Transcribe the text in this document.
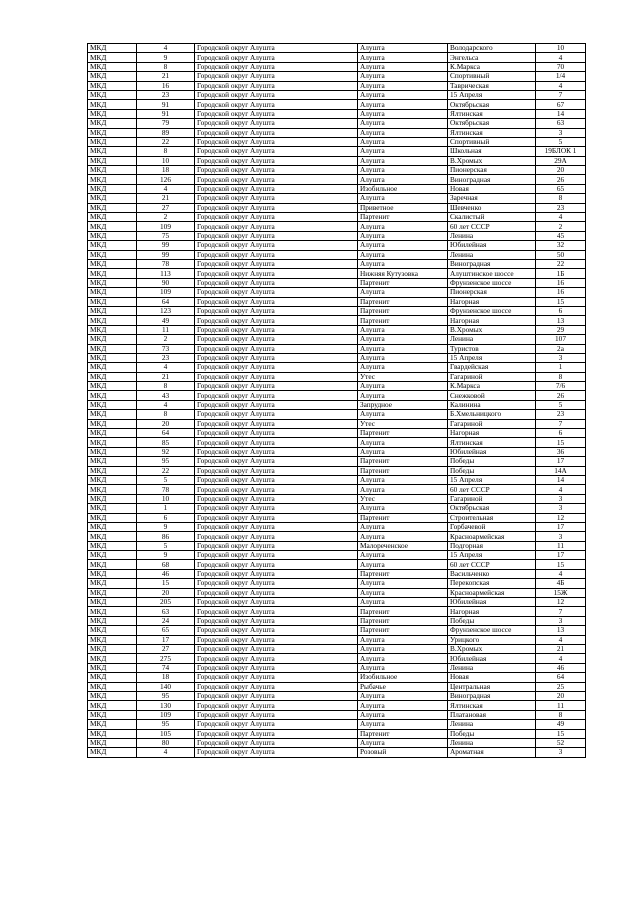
МКД	4	Городской округ Алушта	Алушта	Володарского	10
МКД	9	Городской округ Алушта	Алушта	Энгельса	4
МКД	8	Городской округ Алушта	Алушта	К.Маркса	70
МКД	21	Городской округ Алушта	Алушта	Спортивный	1/4
МКД	16	Городской округ Алушта	Алушта	Таврическая	4
МКД	23	Городской округ Алушта	Алушта	15 Апреля	7
МКД	91	Городской округ Алушта	Алушта	Октябрьская	67
МКД	91	Городской округ Алушта	Алушта	Ялтинская	14
МКД	79	Городской округ Алушта	Алушта	Октябрьская	63
МКД	89	Городской округ Алушта	Алушта	Ялтинская	3
МКД	22	Городской округ Алушта	Алушта	Спортивный	5
МКД	8	Городской округ Алушта	Алушта	Школьная	19БЛОК 1
МКД	10	Городской округ Алушта	Алушта	В.Хромых	29А
МКД	18	Городской округ Алушта	Алушта	Пионерская	20
МКД	126	Городской округ Алушта	Алушта	Виноградная	26
МКД	4	Городской округ Алушта	Изобильное	Новая	65
МКД	21	Городской округ Алушта	Алушта	Заречная	8
МКД	27	Городской округ Алушта	Приветное	Шевченко	23
МКД	2	Городской округ Алушта	Партенит	Скалистый	4
МКД	109	Городской округ Алушта	Алушта	60 лет СССР	2
МКД	75	Городской округ Алушта	Алушта	Ленина	45
МКД	99	Городской округ Алушта	Алушта	Юбилейная	32
МКД	99	Городской округ Алушта	Алушта	Ленина	50
МКД	78	Городской округ Алушта	Алушта	Виноградная	22
МКД	113	Городской округ Алушта	Нижняя Кутузовка	Алуштинское шоссе	1Б
МКД	90	Городской округ Алушта	Партенит	Фрунзенское шоссе	16
МКД	109	Городской округ Алушта	Алушта	Пионерская	16
МКД	64	Городской округ Алушта	Партенит	Нагорная	15
МКД	123	Городской округ Алушта	Партенит	Фрунзенское шоссе	6
МКД	49	Городской округ Алушта	Партенит	Нагорная	13
МКД	11	Городской округ Алушта	Алушта	В.Хромых	29
МКД	2	Городской округ Алушта	Алушта	Ленина	107
МКД	73	Городской округ Алушта	Алушта	Туристов	2а
МКД	23	Городской округ Алушта	Алушта	15 Апреля	3
МКД	4	Городской округ Алушта	Алушта	Гвардейская	1
МКД	21	Городской округ Алушта	Утес	Гагариной	8
МКД	8	Городской округ Алушта	Алушта	К.Маркса	7/6
МКД	43	Городской округ Алушта	Алушта	Снежковой	26
МКД	4	Городской округ Алушта	Запрудное	Калинина	5
МКД	8	Городской округ Алушта	Алушта	Б.Хмельницкого	23
МКД	20	Городской округ Алушта	Утес	Гагариной	7
МКД	64	Городской округ Алушта	Партенит	Нагорная	6
МКД	85	Городской округ Алушта	Алушта	Ялтинская	15
МКД	92	Городской округ Алушта	Алушта	Юбилейная	36
МКД	95	Городской округ Алушта	Партенит	Победы	17
МКД	22	Городской округ Алушта	Партенит	Победы	14А
МКД	5	Городской округ Алушта	Алушта	15 Апреля	14
МКД	78	Городской округ Алушта	Алушта	60 лет СССР	4
МКД	10	Городской округ Алушта	Утес	Гагариной	3
МКД	1	Городской округ Алушта	Алушта	Октябрьская	3
МКД	6	Городской округ Алушта	Партенит	Строительная	12
МКД	9	Городской округ Алушта	Алушта	Горбачевой	17
МКД	86	Городской округ Алушта	Алушта	Красноармейская	3
МКД	5	Городской округ Алушта	Малореченское	Подгорная	11
МКД	9	Городской округ Алушта	Алушта	15 Апреля	17
МКД	68	Городской округ Алушта	Алушта	60 лет СССР	15
МКД	46	Городской округ Алушта	Партенит	Васильченко	4
МКД	15	Городской округ Алушта	Алушта	Перекопская	4Б
МКД	20	Городской округ Алушта	Алушта	Красноармейская	15Ж
МКД	205	Городской округ Алушта	Алушта	Юбилейная	12
МКД	63	Городской округ Алушта	Партенит	Нагорная	7
МКД	24	Городской округ Алушта	Партенит	Победы	3
МКД	65	Городской округ Алушта	Партенит	Фрунзенское шоссе	13
МКД	17	Городской округ Алушта	Алушта	Урицкого	4
МКД	27	Городской округ Алушта	Алушта	В.Хромых	21
МКД	275	Городской округ Алушта	Алушта	Юбилейная	4
МКД	74	Городской округ Алушта	Алушта	Ленина	46
МКД	18	Городской округ Алушта	Изобильное	Новая	64
МКД	140	Городской округ Алушта	Рыбачье	Центральная	25
МКД	95	Городской округ Алушта	Алушта	Виноградная	20
МКД	130	Городской округ Алушта	Алушта	Ялтинская	11
МКД	109	Городской округ Алушта	Алушта	Платановая	8
МКД	95	Городской округ Алушта	Алушта	Ленина	49
МКД	105	Городской округ Алушта	Партенит	Победы	15
МКД	80	Городской округ Алушта	Алушта	Ленина	52
МКД	4	Городской округ Алушта	Розовый	Ароматная	3
